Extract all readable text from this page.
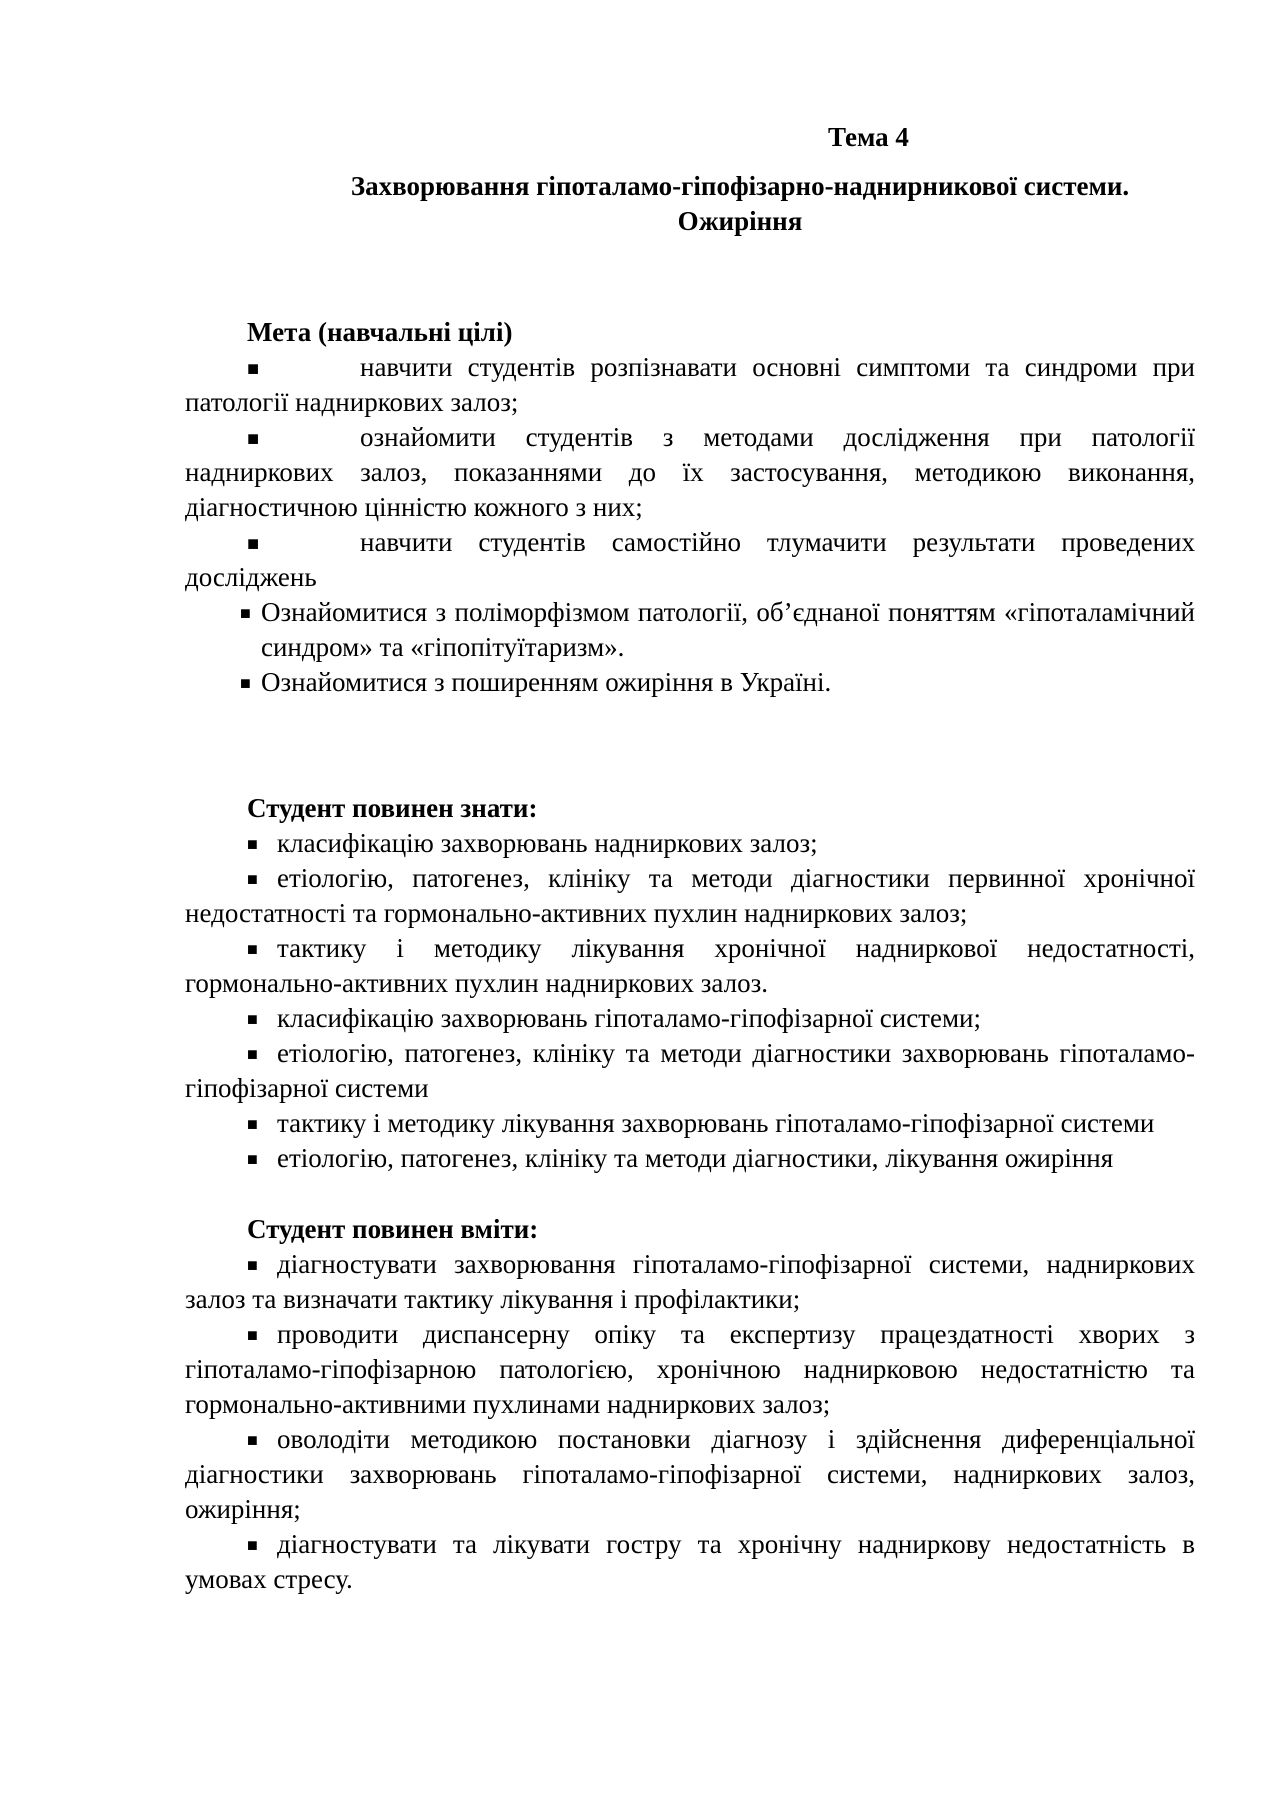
Тема 4
Захворювання гіпоталамо-гіпофізарно-наднирникової системи.
Ожиріння
Мета (навчальні цілі)
■	навчити студентів розпізнавати основні симптоми та синдроми при патології надниркових залоз;

■	ознайомити студентів з методами дослідження при патології надниркових залоз, показаннями до їх застосування, методикою виконання, діагностичною цінністю кожного з них;

■	навчити студентів самостійно тлумачити результати проведених досліджень

■ Ознайомитися з поліморфізмом патології, об’єднаної поняттям «гіпоталамічний синдром» та «гіпопітуїтаризм».

■ Ознайомитися з поширенням ожиріння в Україні.

Студент повинен знати:
■ класифікацію захворювань надниркових залоз;

■ етіологію, патогенез, клініку та методи діагностики первинної хронічної недостатності та гормонально-активних пухлин надниркових залоз;

■ тактику і методику лікування хронічної надниркової недостатності, гормонально-активних пухлин надниркових залоз.

■ класифікацію захворювань гіпоталамо-гіпофізарної системи;

■ етіологію, патогенез, клініку та методи діагностики захворювань гіпоталамо-гіпофізарної системи

■ тактику і методику лікування захворювань гіпоталамо-гіпофізарної системи

■ етіологію, патогенез, клініку та методи діагностики, лікування ожиріння

Студент повинен вміти:
■ діагностувати захворювання гіпоталамо-гіпофізарної системи, надниркових залоз та визначати тактику лікування і профілактики;

■ проводити диспансерну опіку та експертизу працездатності хворих з гіпоталамо-гіпофізарною патологією, хронічною наднирковою недостатністю та гормонально-активними пухлинами надниркових залоз;

■ оволодіти методикою постановки діагнозу і здійснення диференціальної діагностики захворювань гіпоталамо-гіпофізарної системи, надниркових залоз, ожиріння;

■ діагностувати та лікувати гостру та хронічну надниркову недостатність в умовах стресу.
